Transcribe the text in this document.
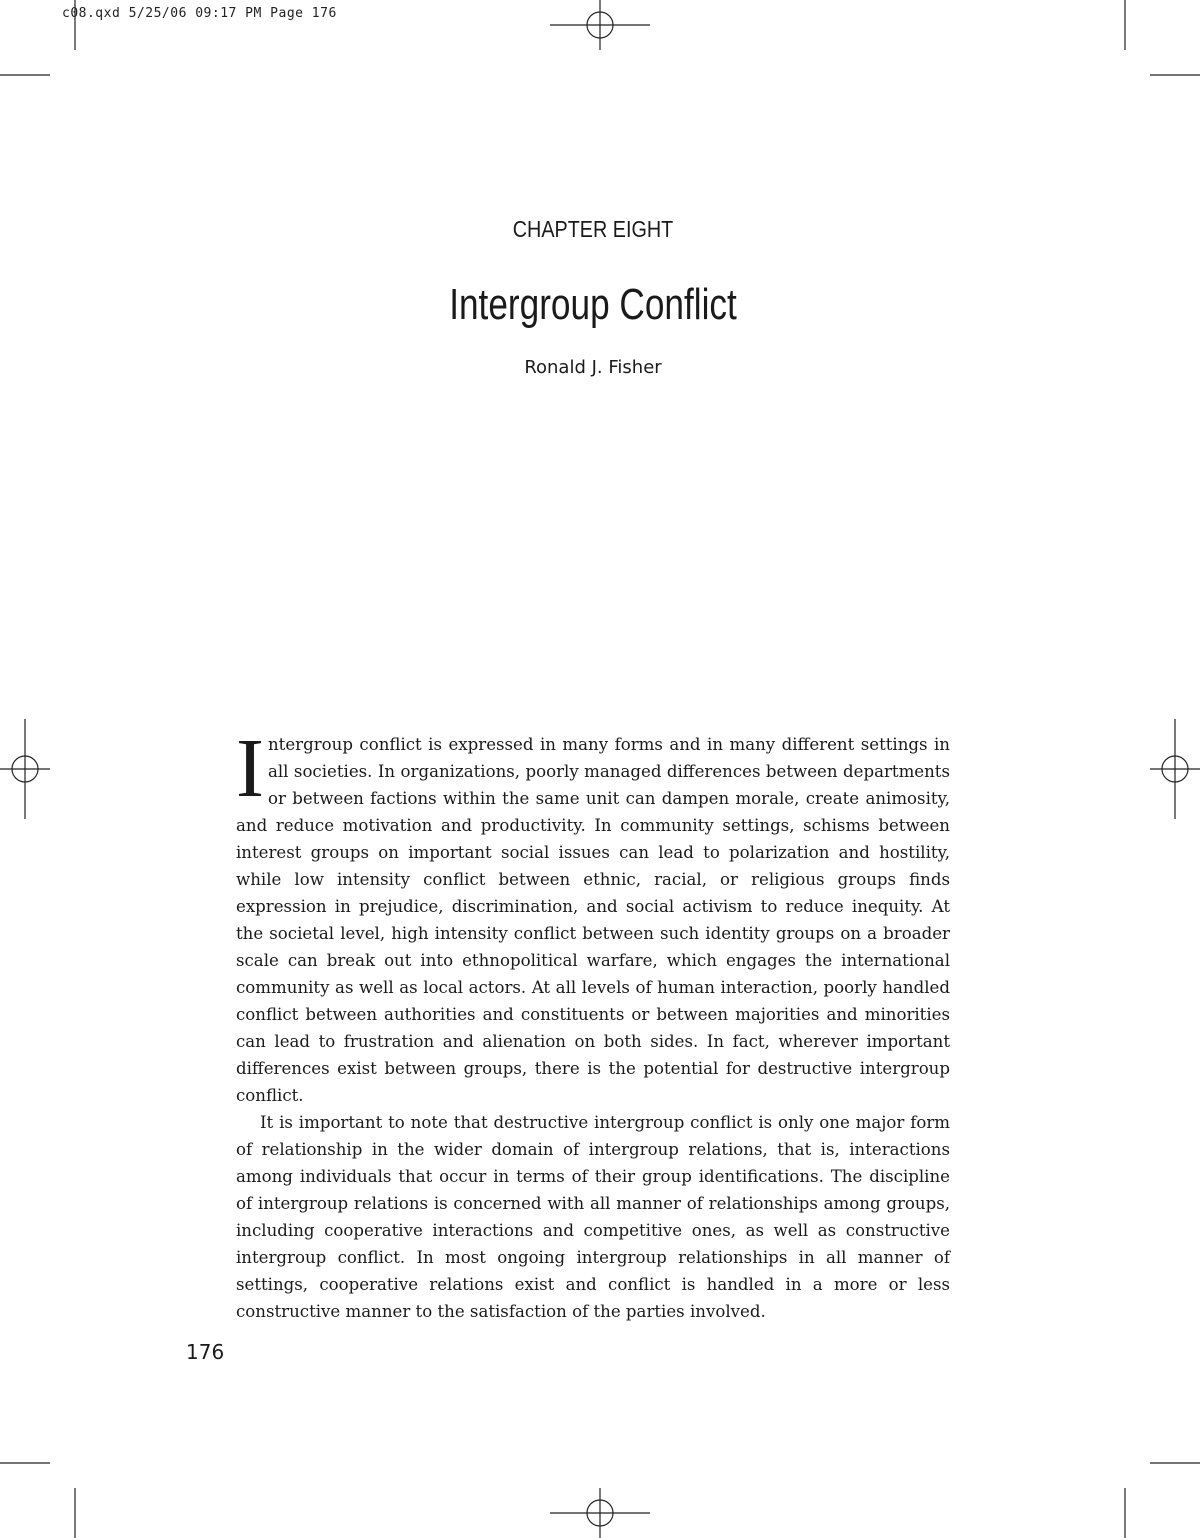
c08.qxd 5/25/06 09:17 PM Page 176
CHAPTER EIGHT
Intergroup Conflict
Ronald J. Fisher

Intergroup conflict is expressed in many forms and in many different settings in all societies. In organizations, poorly managed differences between departments or between factions within the same unit can dampen morale, create animosity, and reduce motivation and productivity. In community settings, schisms between interest groups on important social issues can lead to polarization and hostility, while low intensity conflict between ethnic, racial, or religious groups finds expression in prejudice, discrimination, and social activism to reduce inequity. At the societal level, high intensity conflict between such identity groups on a broader scale can break out into ethnopolitical warfare, which engages the international community as well as local actors. At all levels of human interaction, poorly handled conflict between authorities and constituents or between majorities and minorities can lead to frustration and alienation on both sides. In fact, wherever important differences exist between groups, there is the potential for destructive intergroup conflict.

It is important to note that destructive intergroup conflict is only one major form of relationship in the wider domain of intergroup relations, that is, interactions among individuals that occur in terms of their group identifications. The discipline of intergroup relations is concerned with all manner of relationships among groups, including cooperative interactions and competitive ones, as well as constructive intergroup conflict. In most ongoing intergroup relationships in all manner of settings, cooperative relations exist and conflict is handled in a more or less constructive manner to the satisfaction of the parties involved.

176
